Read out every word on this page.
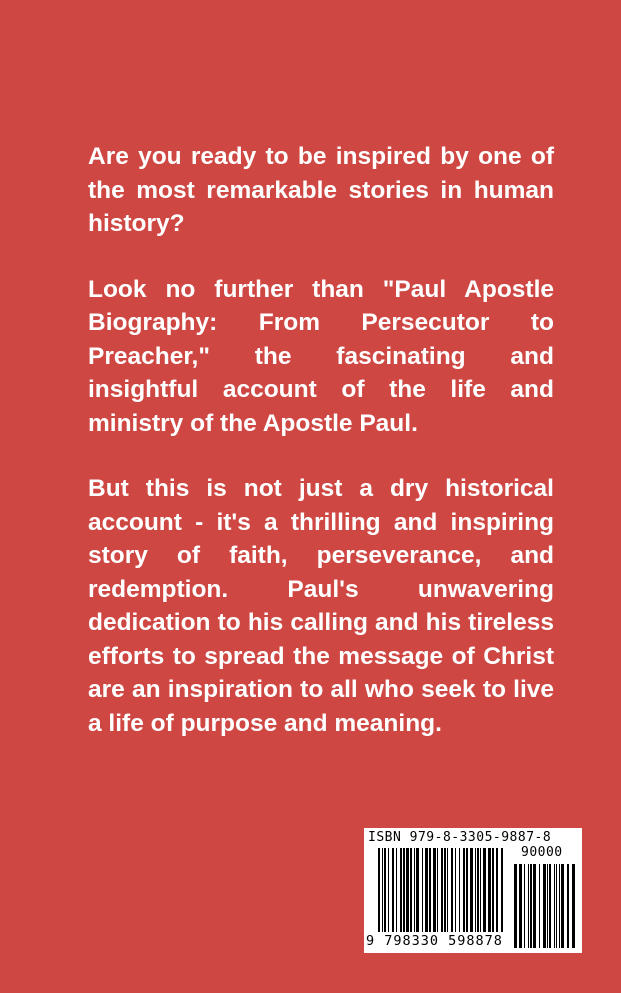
Are you ready to be inspired by one of the most remarkable stories in human history?

Look no further than "Paul Apostle Biography: From Persecutor to Preacher," the fascinating and insightful account of the life and ministry of the Apostle Paul.

But this is not just a dry historical account - it's a thrilling and inspiring story of faith, perseverance, and redemption. Paul's unwavering dedication to his calling and his tireless efforts to spread the message of Christ are an inspiration to all who seek to live a life of purpose and meaning.

ISBN 979-8-3305-9887-8
90000
9 798330 598878
